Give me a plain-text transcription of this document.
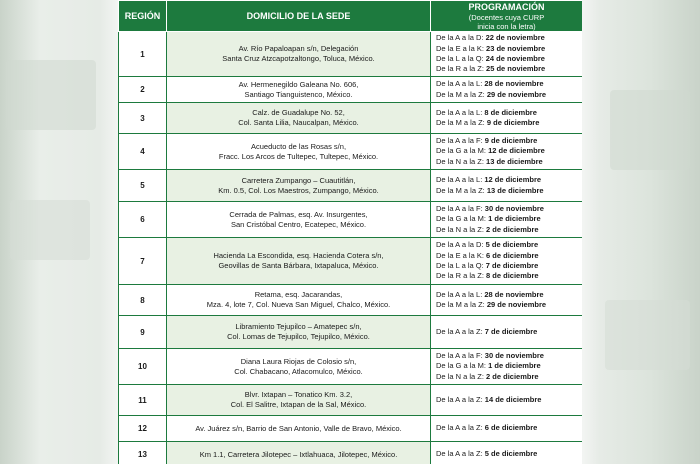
REGIÓN	DOMICILIO DE LA SEDE	PROGRAMACIÓN
(Docentes cuya CURP
inicia con la letra)

1	Av. Río Papaloapan s/n, Delegación
Santa Cruz Atzcapotzaltongo, Toluca, México.	De la A a la D: 22 de noviembre
De la E a la K: 23 de noviembre
De la L a la Q: 24 de noviembre
De la R a la Z: 25 de noviembre

2	Av. Hermenegildo Galeana No. 606,
Santiago Tianguistenco, México.	De la A a la L: 28 de noviembre
De la M a la Z: 29 de noviembre

3	Calz. de Guadalupe No. 52,
Col. Santa Lilia, Naucalpan, México.	De la A a la L: 8 de diciembre
De la M a la Z: 9 de diciembre

4	Acueducto de las Rosas s/n,
Fracc. Los Arcos de Tultepec, Tultepec, México.	De la A a la F: 9 de diciembre
De la G a la M: 12 de diciembre
De la N a la Z: 13 de diciembre

5	Carretera Zumpango – Cuautitlán,
Km. 0.5, Col. Los Maestros, Zumpango, México.	De la A a la L: 12 de diciembre
De la M a la Z: 13 de diciembre

6	Cerrada de Palmas, esq. Av. Insurgentes,
San Cristóbal Centro, Ecatepec, México.	De la A a la F: 30 de noviembre
De la G a la M: 1 de diciembre
De la N a la Z: 2 de diciembre

7	Hacienda La Escondida, esq. Hacienda Cotera s/n,
Geovillas de Santa Bárbara, Ixtapaluca, México.	De la A a la D: 5 de diciembre
De la E a la K: 6 de diciembre
De la L a la Q: 7 de diciembre
De la R a la Z: 8 de diciembre

8	Retama, esq. Jacarandas,
Mza. 4, lote 7, Col. Nueva San Miguel, Chalco, México.	De la A a la L: 28 de noviembre
De la M a la Z: 29 de noviembre

9	Libramiento Tejupilco – Amatepec s/n,
Col. Lomas de Tejupilco, Tejupilco, México.	De la A a la Z: 7 de diciembre

10	Diana Laura Riojas de Colosio s/n,
Col. Chabacano, Atlacomulco, México.	De la A a la F: 30 de noviembre
De la G a la M: 1 de diciembre
De la N a la Z: 2 de diciembre

11	Blvr. Ixtapan – Tonatico Km. 3.2,
Col. El Salitre, Ixtapan de la Sal, México.	De la A a la Z: 14 de diciembre

12	Av. Juárez s/n, Barrio de San Antonio, Valle de Bravo, México.	De la A a la Z: 6 de diciembre

13	Km 1.1, Carretera Jilotepec – Ixtlahuaca, Jilotepec, México.	De la A a la Z: 5 de diciembre
